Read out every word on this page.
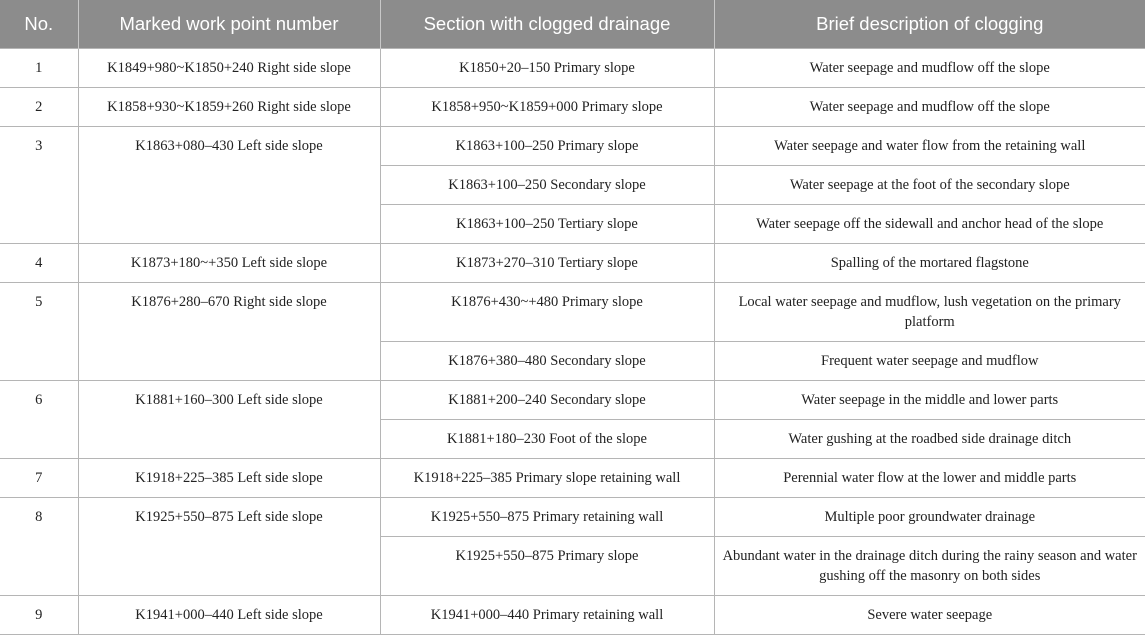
No.	Marked work point number	Section with clogged drainage	Brief description of clogging
1	K1849+980~K1850+240 Right side slope	K1850+20–150 Primary slope	Water seepage and mudflow off the slope
2	K1858+930~K1859+260 Right side slope	K1858+950~K1859+000 Primary slope	Water seepage and mudflow off the slope
3	K1863+080–430 Left side slope	K1863+100–250 Primary slope	Water seepage and water flow from the retaining wall
		K1863+100–250 Secondary slope	Water seepage at the foot of the secondary slope
		K1863+100–250 Tertiary slope	Water seepage off the sidewall and anchor head of the slope
4	K1873+180~+350 Left side slope	K1873+270–310 Tertiary slope	Spalling of the mortared flagstone
5	K1876+280–670 Right side slope	K1876+430~+480 Primary slope	Local water seepage and mudflow, lush vegetation on the primary platform
		K1876+380–480 Secondary slope	Frequent water seepage and mudflow
6	K1881+160–300 Left side slope	K1881+200–240 Secondary slope	Water seepage in the middle and lower parts
		K1881+180–230 Foot of the slope	Water gushing at the roadbed side drainage ditch
7	K1918+225–385 Left side slope	K1918+225–385 Primary slope retaining wall	Perennial water flow at the lower and middle parts
8	K1925+550–875 Left side slope	K1925+550–875 Primary retaining wall	Multiple poor groundwater drainage
		K1925+550–875 Primary slope	Abundant water in the drainage ditch during the rainy season and water gushing off the masonry on both sides
9	K1941+000–440 Left side slope	K1941+000–440 Primary retaining wall	Severe water seepage
